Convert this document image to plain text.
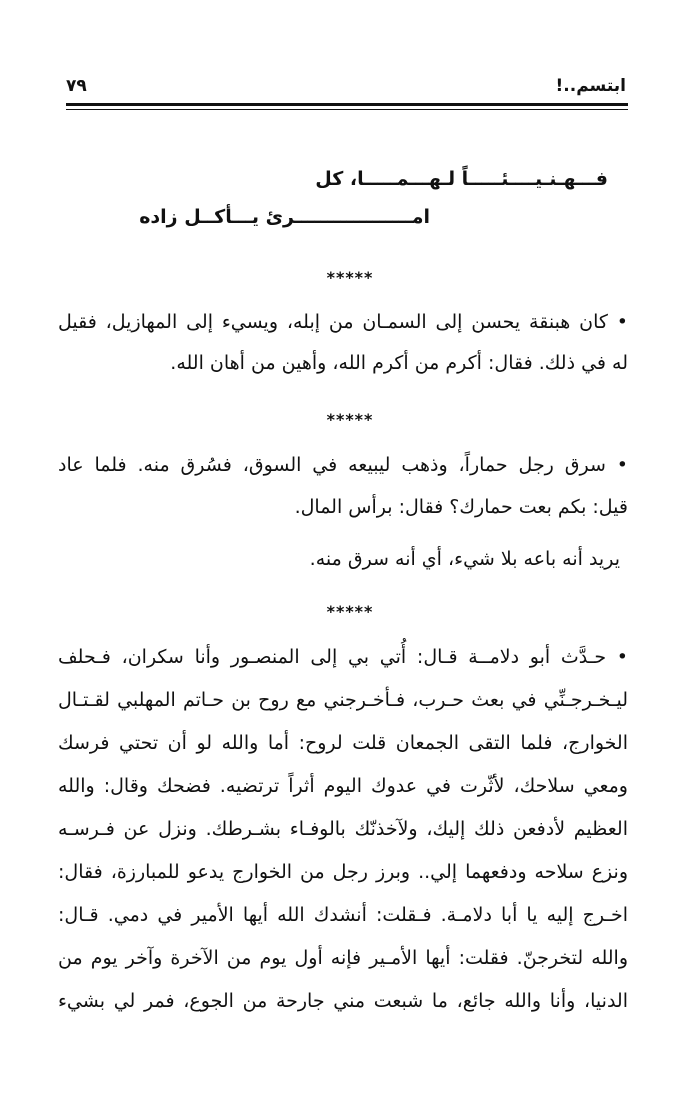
ابتسم..!
٧٩
فـــهـنـيــــئـــــاً لـهـــمـــــا، كل
امــــــــــــــــــرئ يـــأكــل زاده
*****
• كان هبنقة يحسن إلى السمـان من إبله، ويسيء إلى المهازيل، فقيل
له في ذلك. فقال: أكرم من أكرم الله، وأهين من أهان الله.
*****
• سرق رجل حماراً، وذهب ليبيعه في السوق، فسُرق منه. فلما عاد
قيل: بكم بعت حمارك؟ فقال: برأس المال.
يريد أنه باعه بلا شيء، أي أنه سرق منه.
*****
• حـدَّث أبو دلامــة قـال: أُتي بي إلى المنصـور وأنا سكران، فـحلف
ليـخـرجـنِّي في بعث حـرب، فـأخـرجني مع روح بن حـاتم المهلبي لقـتـال
الخوارج، فلما التقى الجمعان قلت لروح: أما والله لو أن تحتي فرسك
ومعي سلاحك، لأثّرت في عدوك اليوم أثراً ترتضيه. فضحك وقال: والله
العظيم لأدفعن ذلك إليك، ولآخذنّك بالوفـاء بشـرطك. ونزل عن فـرسـه
ونزع سلاحه ودفعهما إلي.. وبرز رجل من الخوارج يدعو للمبارزة، فقال:
اخـرج إليه يا أبا دلامـة. فـقلت: أنشدك الله أيها الأمير في دمي. قـال:
والله لتخرجنّ. فقلت: أيها الأمـير فإنه أول يوم من الآخرة وآخر يوم من
الدنيا، وأنا والله جائع، ما شبعت مني جارحة من الجوع، فمر لي بشيء
